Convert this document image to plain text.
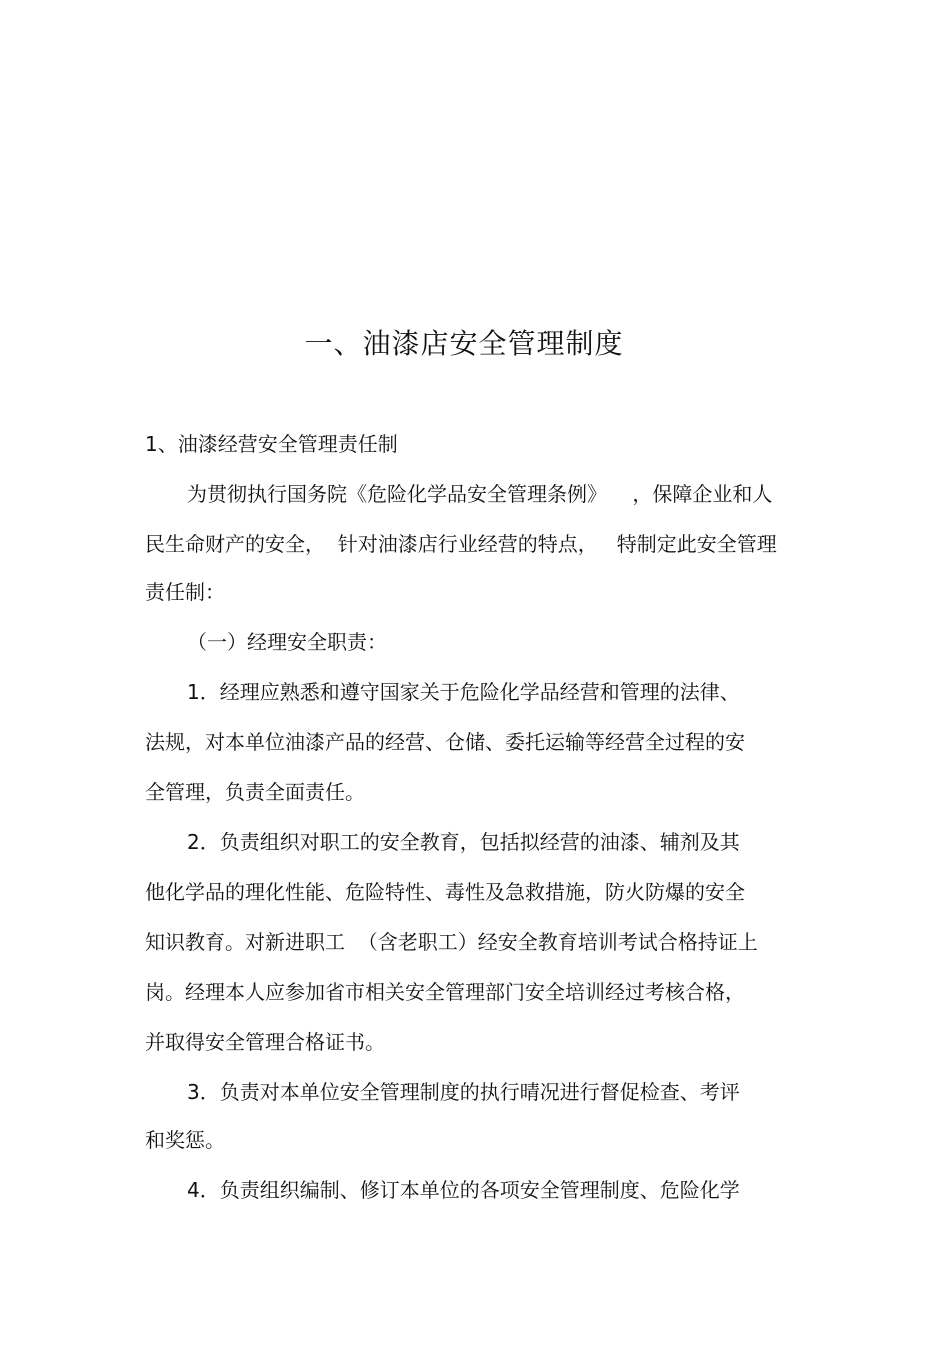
一、油漆店安全管理制度
1、油漆经营安全管理责任制
为贯彻执行国务院《危险化学品安全管理条例》    ，保障企业和人
民生命财产的安全，  针对油漆店行业经营的特点，   特制定此安全管理
责任制：
（一）经理安全职责：
1．经理应熟悉和遵守国家关于危险化学品经营和管理的法律、
法规，对本单位油漆产品的经营、仓储、委托运输等经营全过程的安
全管理，负责全面责任。
2．负责组织对职工的安全教育，包括拟经营的油漆、辅剂及其
他化学品的理化性能、危险特性、毒性及急救措施，防火防爆的安全
知识教育。对新进职工  （含老职工）经安全教育培训考试合格持证上
岗。经理本人应参加省市相关安全管理部门安全培训经过考核合格，
并取得安全管理合格证书。
3．负责对本单位安全管理制度的执行晴况进行督促检查、考评
和奖惩。
4．负责组织编制、修订本单位的各项安全管理制度、危险化学
